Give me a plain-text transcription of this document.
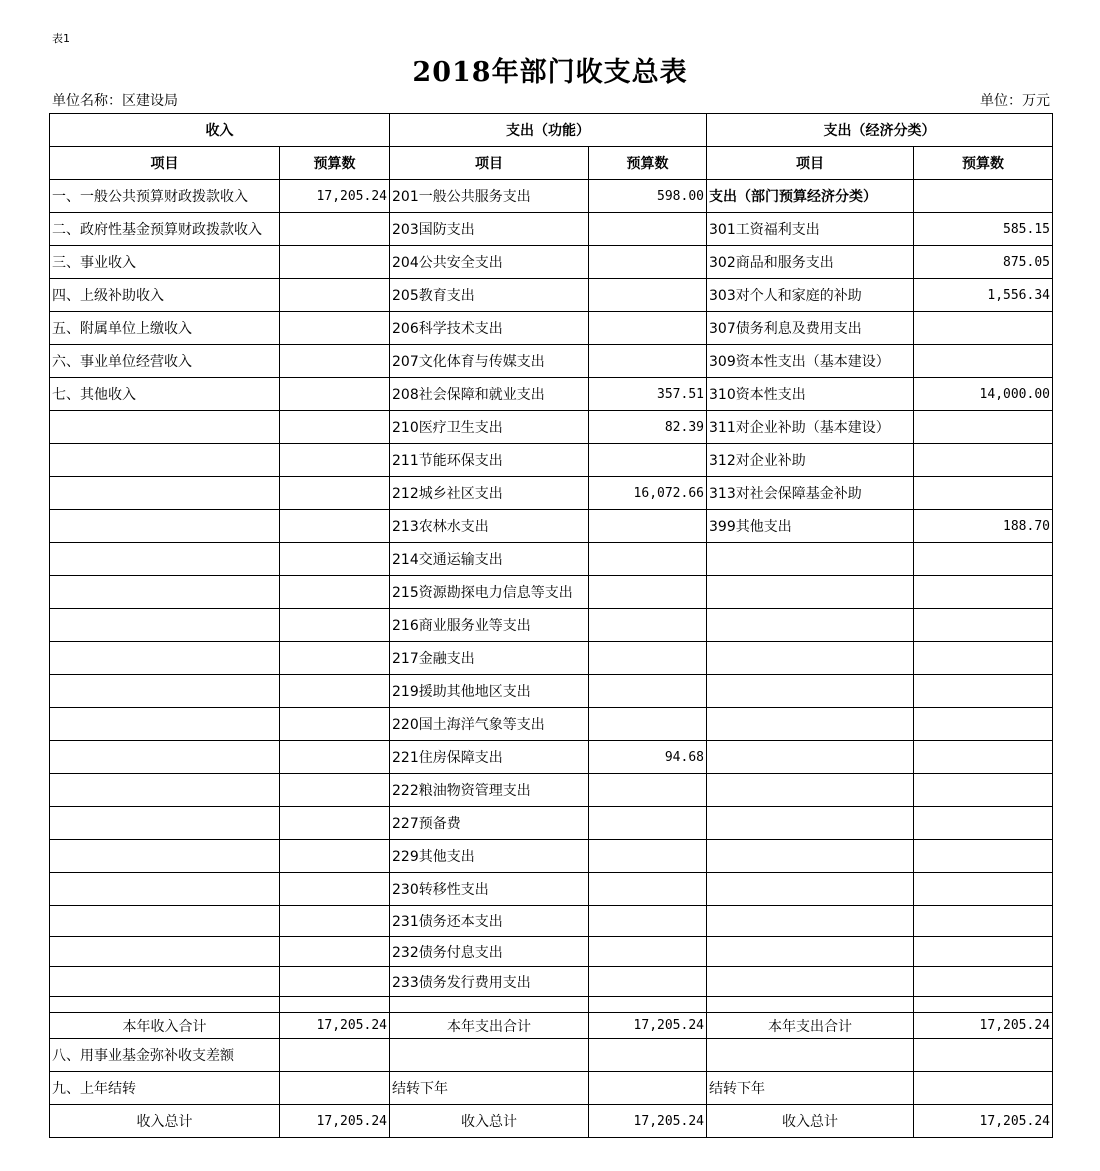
表1
2018年部门收支总表
单位名称：区建设局	单位：万元
收入		支出（功能）		支出（经济分类）	
项目	预算数	项目	预算数	项目	预算数
一、一般公共预算财政拨款收入	17,205.24	201一般公共服务支出	598.00	支出（部门预算经济分类）	
二、政府性基金预算财政拨款收入		203国防支出		301工资福利支出	585.15
三、事业收入		204公共安全支出		302商品和服务支出	875.05
四、上级补助收入		205教育支出		303对个人和家庭的补助	1,556.34
五、附属单位上缴收入		206科学技术支出		307债务利息及费用支出	
六、事业单位经营收入		207文化体育与传媒支出		309资本性支出（基本建设）	
七、其他收入		208社会保障和就业支出	357.51	310资本性支出	14,000.00
		210医疗卫生支出	82.39	311对企业补助（基本建设）	
		211节能环保支出		312对企业补助	
		212城乡社区支出	16,072.66	313对社会保障基金补助	
		213农林水支出		399其他支出	188.70
		214交通运输支出			
		215资源勘探电力信息等支出			
		216商业服务业等支出			
		217金融支出			
		219援助其他地区支出			
		220国土海洋气象等支出			
		221住房保障支出	94.68		
		222粮油物资管理支出			
		227预备费			
		229其他支出			
		230转移性支出			
		231债务还本支出			
		232债务付息支出			
		233债务发行费用支出			

本年收入合计	17,205.24	本年支出合计	17,205.24	本年支出合计	17,205.24
八、用事业基金弥补收支差额					
九、上年结转		结转下年		结转下年	
收入总计	17,205.24	收入总计	17,205.24	收入总计	17,205.24
